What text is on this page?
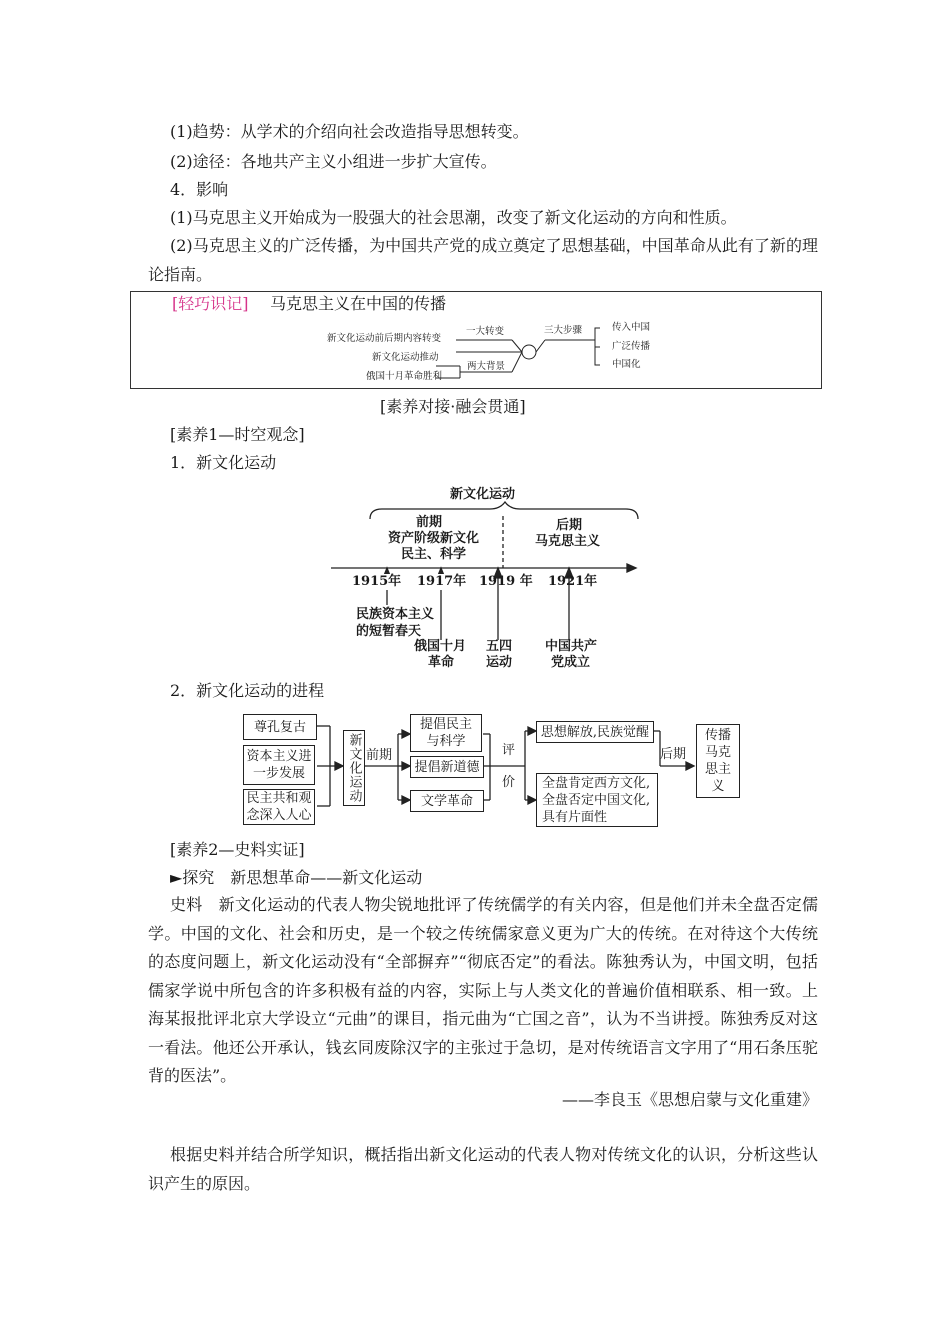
(1)趋势：从学术的介绍向社会改造指导思想转变。
(2)途径：各地共产主义小组进一步扩大宣传。
4．影响
(1)马克思主义开始成为一股强大的社会思潮，改变了新文化运动的方向和性质。
(2)马克思主义的广泛传播，为中国共产党的成立奠定了思想基础，中国革命从此有了新的理论指南。
[轻巧识记] 马克思主义在中国的传播
新文化运动前后期内容转变
新文化运动推动
俄国十月革命胜利
一大转变
两大背景
三大步骤	传入中国
广泛传播
中国化
[素养对接·融会贯通]
[素养1—时空观念]
1．新文化运动
新文化运动
前期
资产阶级新文化
民主、科学
后期
马克思主义
1915年 1917年 1919 年 1921年
民族资本主义
的短暂春天
俄国十月
革命
五四
运动
中国共产
党成立
2．新文化运动的进程
尊孔复古
资本主义进一步发展
民主共和观念深入人心
新文化运动 前期
提倡民主与科学
提倡新道德
文学革命
评
价
思想解放,民族觉醒
全盘肯定西方文化,全盘否定中国文化,具有片面性
后期
传播马克思主义
[素养2—史料实证]
►探究　新思想革命——新文化运动
史料　新文化运动的代表人物尖锐地批评了传统儒学的有关内容，但是他们并未全盘否定儒学。中国的文化、社会和历史，是一个较之传统儒家意义更为广大的传统。在对待这个大传统的态度问题上，新文化运动没有“全部摒弃”“彻底否定”的看法。陈独秀认为，中国文明，包括儒家学说中所包含的许多积极有益的内容，实际上与人类文化的普遍价值相联系、相一致。上海某报批评北京大学设立“元曲”的课目，指元曲为“亡国之音”，认为不当讲授。陈独秀反对这一看法。他还公开承认，钱玄同废除汉字的主张过于急切，是对传统语言文字用了“用石条压驼背的医法”。
——李良玉《思想启蒙与文化重建》
根据史料并结合所学知识，概括指出新文化运动的代表人物对传统文化的认识，分析这些认识产生的原因。
